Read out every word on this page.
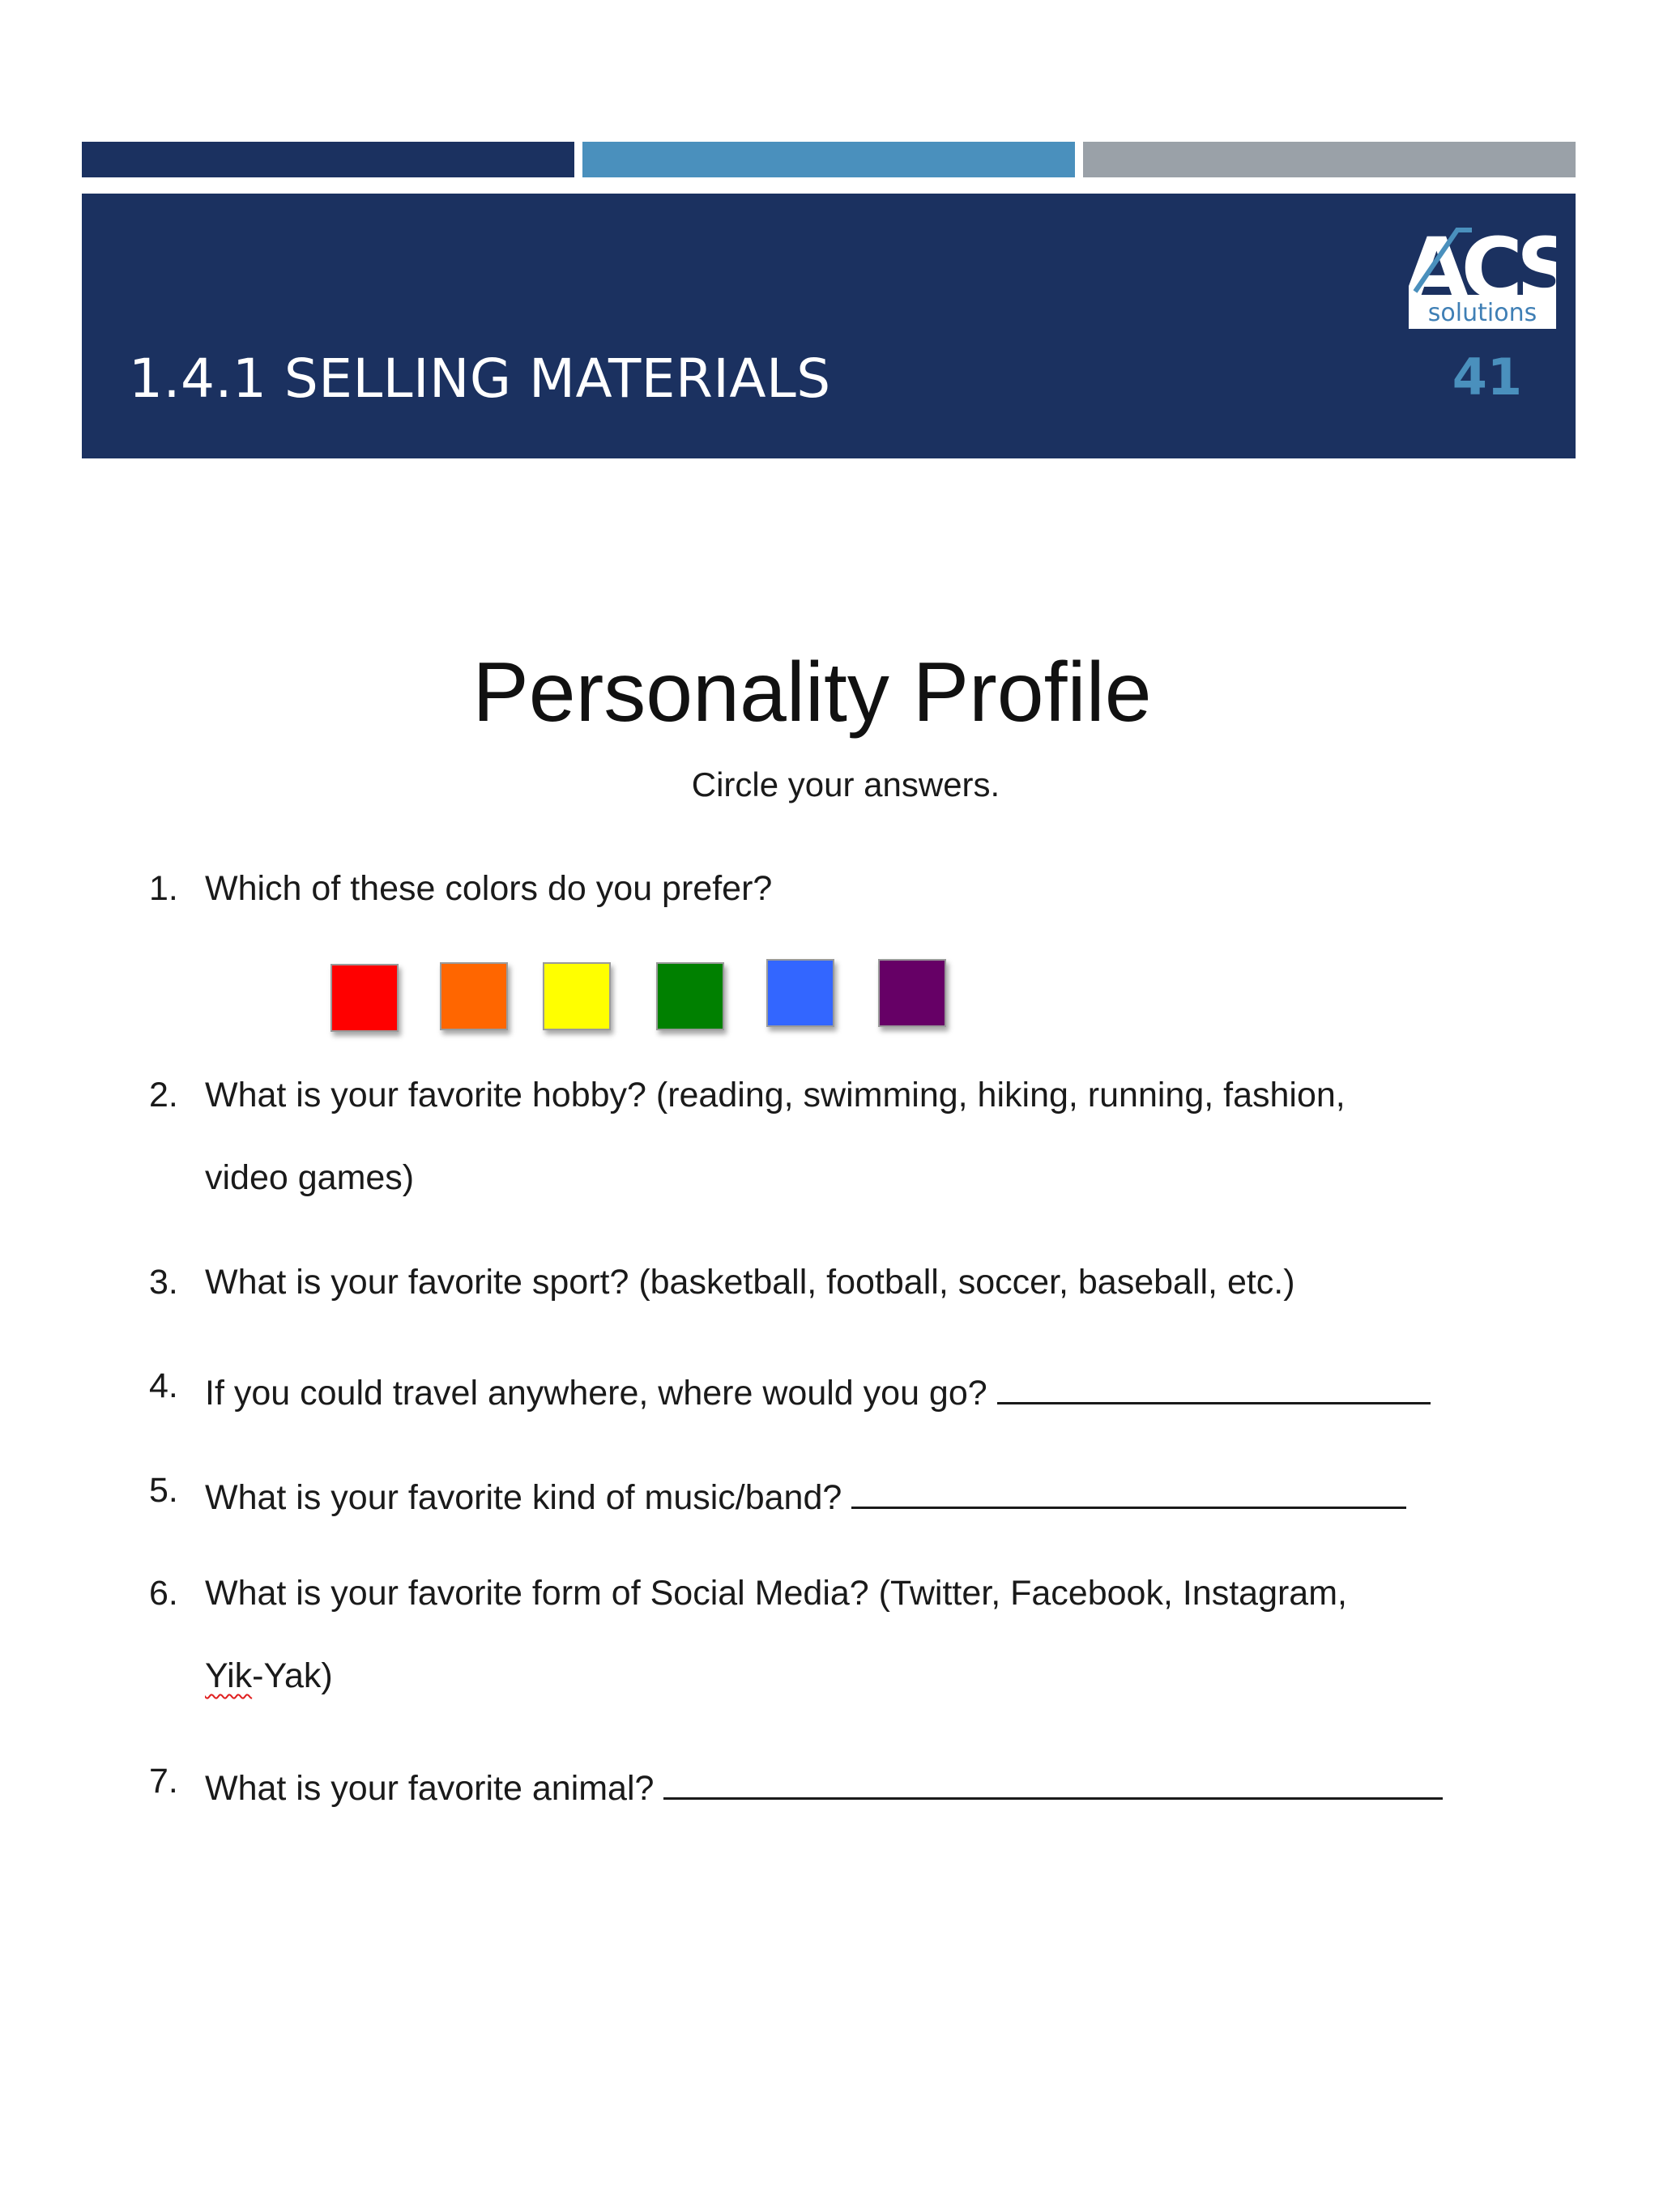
solutions
ACS
1.4.1 SELLING MATERIALS	41
Personality Profile
Circle your answers.
1. Which of these colors do you prefer?
2. What is your favorite hobby? (reading, swimming, hiking, running, fashion,
video games)
3. What is your favorite sport? (basketball, football, soccer, baseball, etc.)
4. If you could travel anywhere, where would you go?
5. What is your favorite kind of music/band?
6. What is your favorite form of Social Media? (Twitter, Facebook, Instagram,
Yik-Yak)
7. What is your favorite animal?
